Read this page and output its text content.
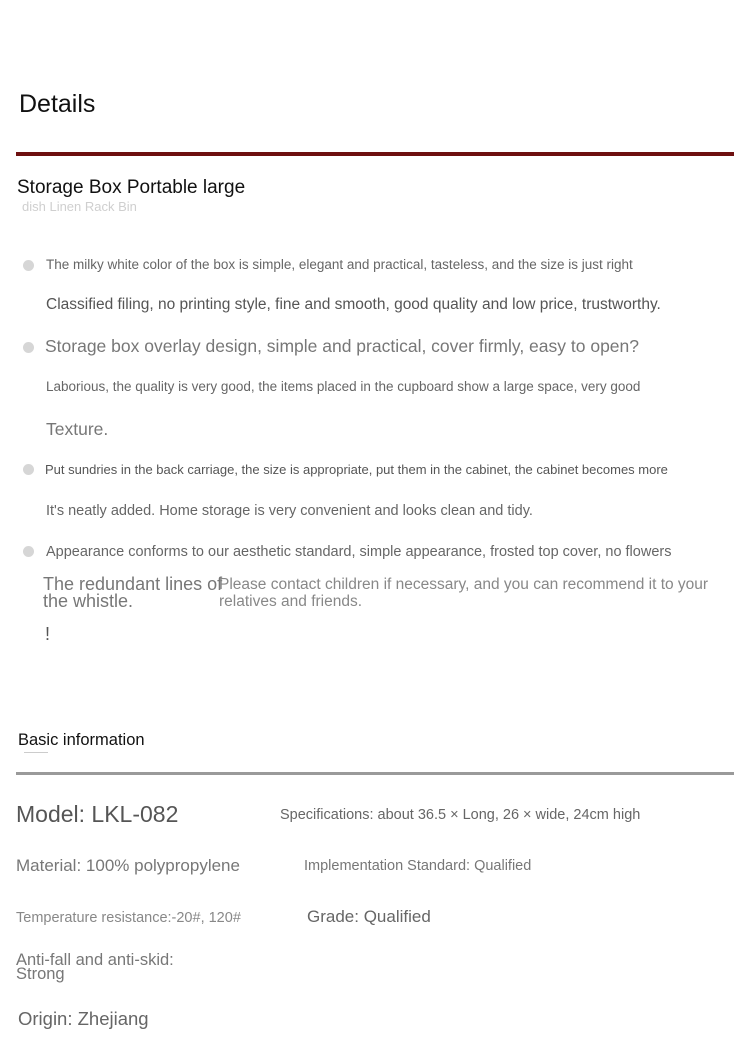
Details
Storage Box Portable large
dish Linen Rack Bin
The milky white color of the box is simple, elegant and practical, tasteless, and the size is just right
Classified filing, no printing style, fine and smooth, good quality and low price, trustworthy.
Storage box overlay design, simple and practical, cover firmly, easy to open?
Laborious, the quality is very good, the items placed in the cupboard show a large space, very good
Texture.
Put sundries in the back carriage, the size is appropriate, put them in the cabinet, the cabinet becomes more
It's neatly added. Home storage is very convenient and looks clean and tidy.
Appearance conforms to our aesthetic standard, simple appearance, frosted top cover, no flowers
The redundant lines of the whistle.
Please contact children if necessary, and you can recommend it to your relatives and friends.
!
Basic information
Model: LKL-082	Specifications: about 36.5 × Long, 26 × wide, 24cm high
Material: 100% polypropylene	Implementation Standard: Qualified
Temperature resistance:-20#, 120#	Grade: Qualified
Anti-fall and anti-skid: Strong
Origin: Zhejiang
